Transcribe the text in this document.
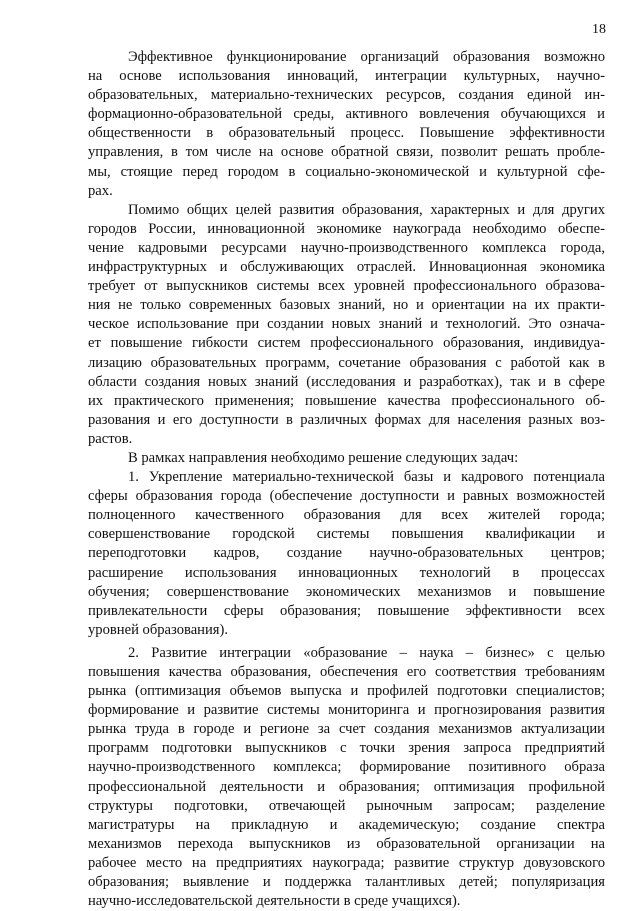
18
Эффективное функционирование организаций образования возможно
на основе использования инноваций, интеграции культурных, научно-
образовательных, материально-технических ресурсов, создания единой ин-
формационно-образовательной среды, активного вовлечения обучающихся и
общественности в образовательный процесс. Повышение эффективности
управления, в том числе на основе обратной связи, позволит решать пробле-
мы, стоящие перед городом в социально-экономической и культурной сфе-
рах.
Помимо общих целей развития образования, характерных и для других
городов России, инновационной экономике наукограда необходимо обеспе-
чение кадровыми ресурсами научно-производственного комплекса города,
инфраструктурных и обслуживающих отраслей. Инновационная экономика
требует от выпускников системы всех уровней профессионального образова-
ния не только современных базовых знаний, но и ориентации на их практи-
ческое использование при создании новых знаний и технологий. Это означа-
ет повышение гибкости систем профессионального образования, индивидуа-
лизацию образовательных программ, сочетание образования с работой как в
области создания новых знаний (исследования и разработках), так и в сфере
их практического применения; повышение качества профессионального об-
разования и его доступности в различных формах для населения разных воз-
растов.
В рамках направления необходимо решение следующих задач:
1. Укрепление материально-технической базы и кадрового потенциала
сферы образования города (обеспечение доступности и равных возможностей
полноценного качественного образования для всех жителей города;
совершенствование городской системы повышения квалификации и
переподготовки кадров, создание научно-образовательных центров;
расширение использования инновационных технологий в процессах
обучения; совершенствование экономических механизмов и повышение
привлекательности сферы образования; повышение эффективности всех
уровней образования).
2. Развитие интеграции «образование – наука – бизнес» с целью
повышения качества образования, обеспечения его соответствия требованиям
рынка (оптимизация объемов выпуска и профилей подготовки специалистов;
формирование и развитие системы мониторинга и прогнозирования развития
рынка труда в городе и регионе за счет создания механизмов актуализации
программ подготовки выпускников с точки зрения запроса предприятий
научно-производственного комплекса; формирование позитивного образа
профессиональной деятельности и образования; оптимизация профильной
структуры подготовки, отвечающей рыночным запросам; разделение
магистратуры на прикладную и академическую; создание спектра
механизмов перехода выпускников из образовательной организации на
рабочее место на предприятиях наукограда; развитие структур довузовского
образования; выявление и поддержка талантливых детей; популяризация
научно-исследовательской деятельности в среде учащихся).
